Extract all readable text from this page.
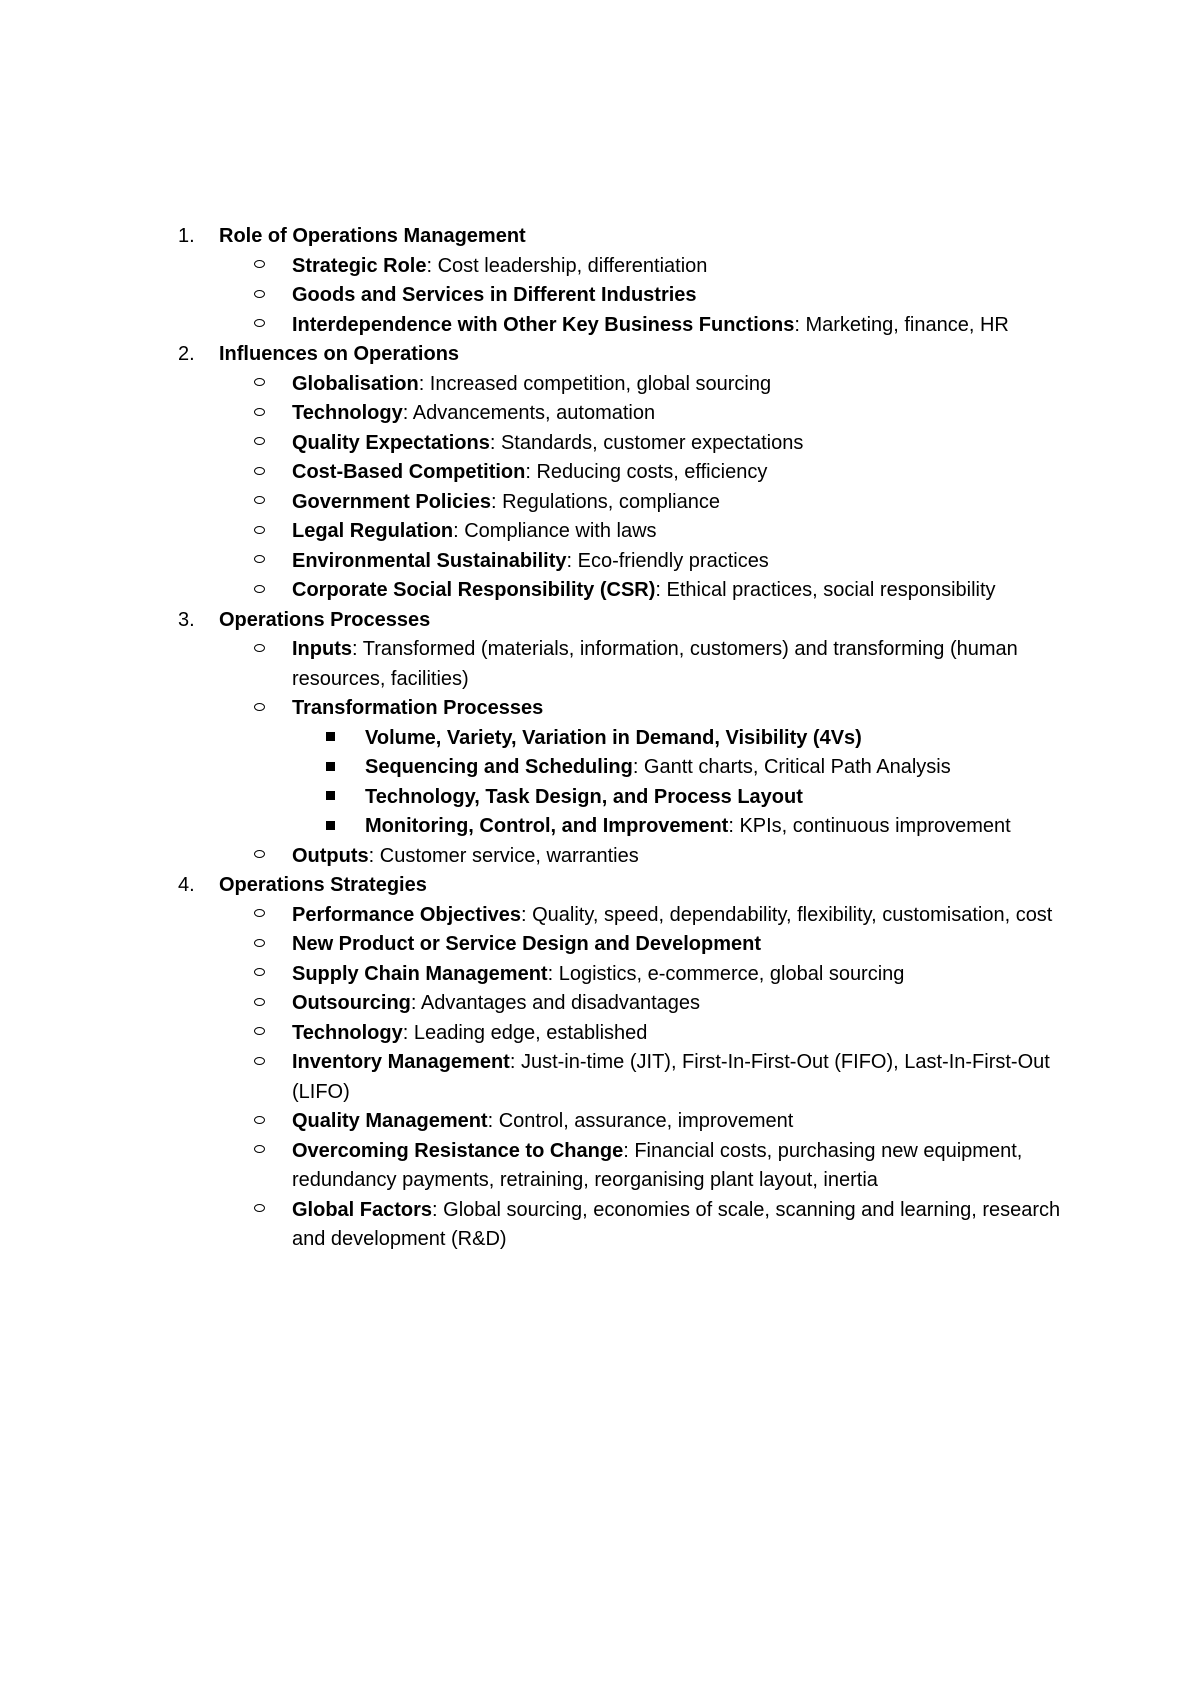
1. Role of Operations Management
Strategic Role: Cost leadership, differentiation
Goods and Services in Different Industries
Interdependence with Other Key Business Functions: Marketing, finance, HR
2. Influences on Operations
Globalisation: Increased competition, global sourcing
Technology: Advancements, automation
Quality Expectations: Standards, customer expectations
Cost-Based Competition: Reducing costs, efficiency
Government Policies: Regulations, compliance
Legal Regulation: Compliance with laws
Environmental Sustainability: Eco-friendly practices
Corporate Social Responsibility (CSR): Ethical practices, social responsibility
3. Operations Processes
Inputs: Transformed (materials, information, customers) and transforming (human resources, facilities)
Transformation Processes
Volume, Variety, Variation in Demand, Visibility (4Vs)
Sequencing and Scheduling: Gantt charts, Critical Path Analysis
Technology, Task Design, and Process Layout
Monitoring, Control, and Improvement: KPIs, continuous improvement
Outputs: Customer service, warranties
4. Operations Strategies
Performance Objectives: Quality, speed, dependability, flexibility, customisation, cost
New Product or Service Design and Development
Supply Chain Management: Logistics, e-commerce, global sourcing
Outsourcing: Advantages and disadvantages
Technology: Leading edge, established
Inventory Management: Just-in-time (JIT), First-In-First-Out (FIFO), Last-In-First-Out (LIFO)
Quality Management: Control, assurance, improvement
Overcoming Resistance to Change: Financial costs, purchasing new equipment, redundancy payments, retraining, reorganising plant layout, inertia
Global Factors: Global sourcing, economies of scale, scanning and learning, research and development (R&D)
